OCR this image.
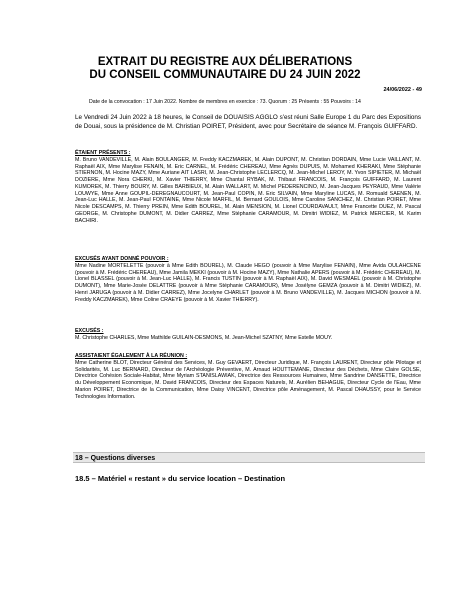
EXTRAIT DU REGISTRE AUX DÉLIBERATIONS
DU CONSEIL COMMUNAUTAIRE DU 24 JUIN 2022
24/06/2022 - 49
Date de la convocation : 17 Juin 2022. Nombre de membres en exercice : 73. Quorum : 25 Présents : 55 Pouvoirs : 14
Le Vendredi 24 Juin 2022 à 18 heures, le Conseil de DOUAISIS AGGLO s'est réuni Salle Europe 1 du Parc des Expositions de Douai, sous la présidence de M. Christian POIRET, Président, avec pour Secrétaire de séance M. François GUIFFARD.
ÉTAIENT PRÉSENTS :
M. Bruno VANDEVILLE, M. Alain BOULANGER, M. Freddy KACZMAREK, M. Alain DUPONT, M. Christian DORDAIN, Mme Lucie VAILLANT, M. Raphaël AIX, Mme Marylise FENAIN, M. Eric CARNEL, M. Frédéric CHEREAU, Mme Agnès DUPUIS, M. Mohamed KHERAKI, Mme Stéphanie STIERNON, M. Hocine MAZY, Mme Auriane AIT LASRI, M. Jean-Christophe LECLERCQ, M. Jean-Michel LEROY, M. Yvon SIPIETER, M. Michaël DOZIERE, Mme Nora CHERKI, M. Xavier THIERRY, Mme Chantal RYBAK, M. Thibaut FRANCOIS, M. François GUIFFARD, M. Laurent KUMOREK, M. Thierry BOURY, M. Gilles BARBIEUX, M. Alain WALLART, M. Michel PEDERENCINO, M. Jean-Jacques PEYRAUD, Mme Valérie LOUWYE, Mme Anne GOUPIL-DEREGNAUCOURT, M. Jean-Paul COPIN, M. Eric SILVAIN, Mme Maryline LUCAS, M. Romuald SAENEN, M. Jean-Luc HALLE, M. Jean-Paul FONTAINE, Mme Nicole MARFIL, M. Bernard GOULOIS, Mme Caroline SANCHEZ, M. Christian POIRET, Mme Nicole DESCAMPS, M. Thierry PREIN, Mme Edith BOUREL, M. Alain MENSION, M. Lionel COURDAVAULT, Mme Francette DUEZ, M. Pascal GEORGE, M. Christophe DUMONT, M. Didier CARREZ, Mme Stéphanie CARAMOUR, M. Dimitri WIDIEZ, M. Patrick MERCIER, M. Karim BACHIRI.
EXCUSÉS AYANT DONNÉ POUVOIR :
Mme Nadine MORTELETTE (pouvoir à Mme Edith BOUREL), M. Claude HEGO (pouvoir à Mme Marylise FENAIN), Mme Avida OULAHCENE (pouvoir à M. Frédéric CHEREAU), Mme Jamila MEKKI (pouvoir à M. Hocine MAZY), Mme Nathalie APERS (pouvoir à M. Frédéric CHEREAU), M. Lionel BLASSEL (pouvoir à M. Jean-Luc HALLE), M. Francis TUSTIN (pouvoir à M. Raphaël AIX), M. David WESMAEL (pouvoir à M. Christophe DUMONT), Mme Marie-Josée DELATTRE (pouvoir à Mme Stéphanie CARAMOUR), Mme Josélyne GEMZA (pouvoir à M. Dimitri WIDIEZ), M. Henri JARUGA (pouvoir à M. Didier CARREZ), Mme Jocelyne CHARLET (pouvoir à M. Bruno VANDEVILLE), M. Jacques MICHON (pouvoir à M. Freddy KACZMAREK), Mme Coline CRAEYE (pouvoir à M. Xavier THIERRY).
EXCUSÉS :
M. Christophe CHARLES, Mme Mathilde GUILAIN-DESMONS, M. Jean-Michel SZATNY, Mme Estelle MOUY.
ASSISTAIENT ÉGALEMENT À LA RÉUNION :
Mme Catherine BLOT, Directeur Général des Services, M. Guy GEVAERT, Directeur Juridique, M. François LAURENT, Directeur pôle Pilotage et Solidarités, M. Luc BERNARD, Directeur de l'Archéologie Préventive, M. Arnaud HOUTTEMANE, Directeur des Déchets, Mme Claire GOLSE, Directrice Cohésion Sociale-Habitat, Mme Myriam STANISLAWIAK, Directrice des Ressources Humaines, Mme Sandrine DANSETTE, Directrice du Développement Economique, M. David FRANCOIS, Directeur des Espaces Naturels, M. Aurélien BEHAGUE, Directeur Cycle de l'Eau, Mme Marion POIRET, Directrice de la Communication, Mme Daisy VINCENT, Directrice pôle Aménagement, M. Pascal DHAUSSY, pour le Service Technologies Information.
18 – Questions diverses
18.5 – Matériel « restant » du service location – Destination
